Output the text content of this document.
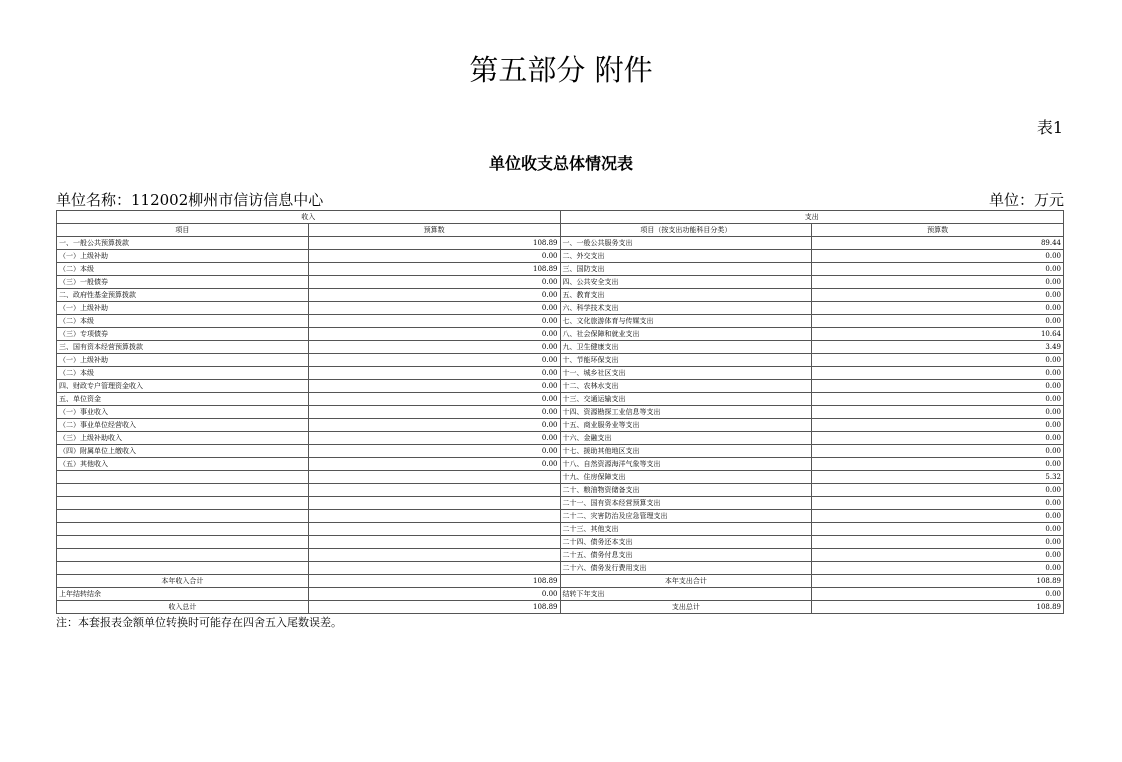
第五部分 附件
表1
单位收支总体情况表
单位名称：112002柳州市信访信息中心	单位：万元
收入		支出	
项目	预算数	项目（按支出功能科目分类）	预算数
一、一般公共预算拨款	108.89	一、一般公共服务支出	89.44
（一）上级补助	0.00	二、外交支出	0.00
（二）本级	108.89	三、国防支出	0.00
（三）一般债券	0.00	四、公共安全支出	0.00
二、政府性基金预算拨款	0.00	五、教育支出	0.00
（一）上级补助	0.00	六、科学技术支出	0.00
（二）本级	0.00	七、文化旅游体育与传媒支出	0.00
（三）专项债券	0.00	八、社会保障和就业支出	10.64
三、国有资本经营预算拨款	0.00	九、卫生健康支出	3.49
（一）上级补助	0.00	十、节能环保支出	0.00
（二）本级	0.00	十一、城乡社区支出	0.00
四、财政专户管理资金收入	0.00	十二、农林水支出	0.00
五、单位资金	0.00	十三、交通运输支出	0.00
（一）事业收入	0.00	十四、资源勘探工业信息等支出	0.00
（二）事业单位经营收入	0.00	十五、商业服务业等支出	0.00
（三）上级补助收入	0.00	十六、金融支出	0.00
（四）附属单位上缴收入	0.00	十七、援助其他地区支出	0.00
（五）其他收入	0.00	十八、自然资源海洋气象等支出	0.00
		十九、住房保障支出	5.32
		二十、粮油物资储备支出	0.00
		二十一、国有资本经营预算支出	0.00
		二十二、灾害防治及应急管理支出	0.00
		二十三、其他支出	0.00
		二十四、债务还本支出	0.00
		二十五、债务付息支出	0.00
		二十六、债务发行费用支出	0.00
本年收入合计	108.89	本年支出合计	108.89
上年结转结余	0.00	结转下年支出	0.00
收入总计	108.89	支出总计	108.89
注：本套报表金额单位转换时可能存在四舍五入尾数误差。
